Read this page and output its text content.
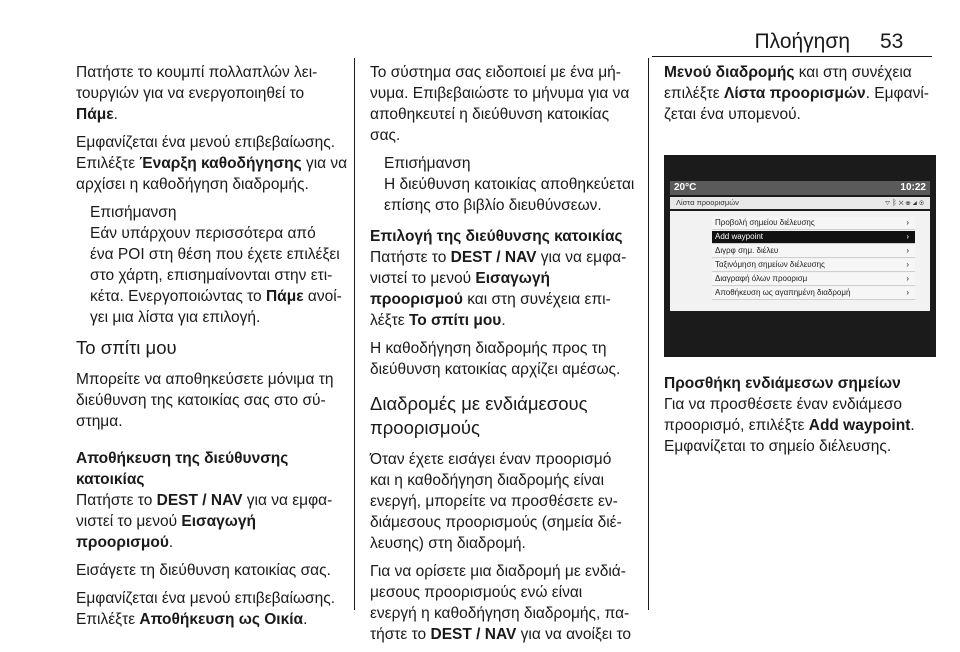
Πλοήγηση 53

Πατήστε το κουμπί πολλαπλών λει-
τουργιών για να ενεργοποιηθεί το
Πάμε.

Εμφανίζεται ένα μενού επιβεβαίωσης.
Επιλέξτε Έναρξη καθοδήγησης για να
αρχίσει η καθοδήγηση διαδρομής.

Επισήμανση
Εάν υπάρχουν περισσότερα από
ένα POI στη θέση που έχετε επιλέξει
στο χάρτη, επισημαίνονται στην ετι-
κέτα. Ενεργοποιώντας το Πάμε ανοί-
γει μια λίστα για επιλογή.
Το σπίτι μου

Μπορείτε να αποθηκεύσετε μόνιμα τη
διεύθυνση της κατοικίας σας στο σύ-
στημα.

Αποθήκευση της διεύθυνσης
κατοικίας

Πατήστε το DEST / NAV για να εμφα-
νιστεί το μενού Εισαγωγή
προορισμού.

Εισάγετε τη διεύθυνση κατοικίας σας.

Εμφανίζεται ένα μενού επιβεβαίωσης.
Επιλέξτε Αποθήκευση ως Οικία.

Το σύστημα σας ειδοποιεί με ένα μή-
νυμα. Επιβεβαιώστε το μήνυμα για να
αποθηκευτεί η διεύθυνση κατοικίας
σας.

Επισήμανση
Η διεύθυνση κατοικίας αποθηκεύεται
επίσης στο βιβλίο διευθύνσεων.
Επιλογή της διεύθυνσης κατοικίας

Πατήστε το DEST / NAV για να εμφα-
νιστεί το μενού Εισαγωγή
προορισμού και στη συνέχεια επι-
λέξτε Το σπίτι μου.

Η καθοδήγηση διαδρομής προς τη
διεύθυνση κατοικίας αρχίζει αμέσως.

Διαδρομές με ενδιάμεσους
προορισμούς

Όταν έχετε εισάγει έναν προορισμό
και η καθοδήγηση διαδρομής είναι
ενεργή, μπορείτε να προσθέσετε εν-
διάμεσους προορισμούς (σημεία διέ-
λευσης) στη διαδρομή.

Για να ορίσετε μια διαδρομή με ενδιά-
μεσους προορισμούς ενώ είναι
ενεργή η καθοδήγηση διαδρομής, πα-
τήστε το DEST / NAV για να ανοίξει το

Μενού διαδρομής και στη συνέχεια
επιλέξτε Λίστα προορισμών. Εμφανί-
ζεται ένα υπομενού.

20°C	10:22
Λίστα προορισμών	▽ᛒ✕☏◢◉
Προβολή σημείου διέλευσης	›
Add waypoint	›
Διγρφ σημ. διέλευ	›
Ταξινόμηση σημείων διέλευσης	›
Διαγραφή όλων προορισμ	›
Αποθήκευση ως αγαπημένη διαδρομή	›
Προσθήκη ενδιάμεσων σημείων

Για να προσθέσετε έναν ενδιάμεσο
προορισμό, επιλέξτε Add waypoint.
Εμφανίζεται το σημείο διέλευσης.
